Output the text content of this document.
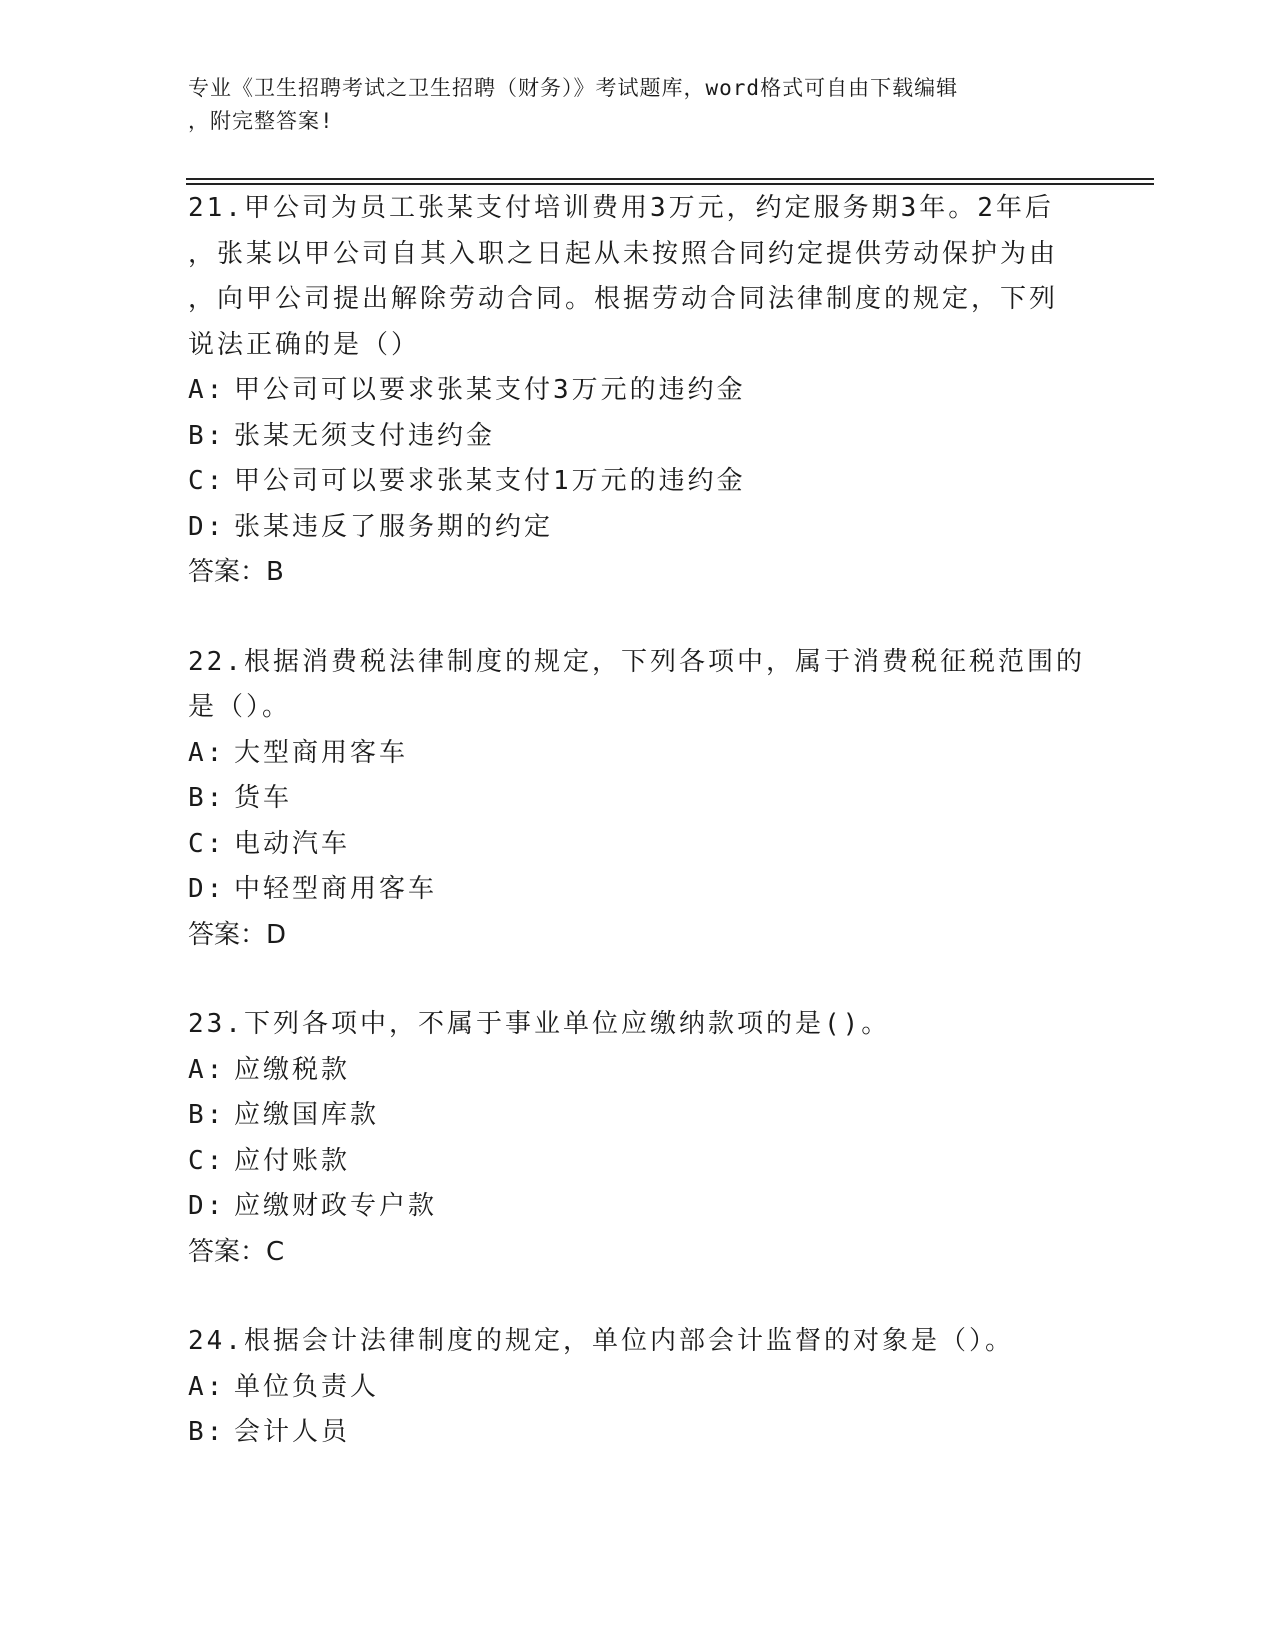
专业《卫生招聘考试之卫生招聘（财务）》考试题库，word格式可自由下载编辑

，附完整答案!

21.甲公司为员工张某支付培训费用3万元，约定服务期3年。2年后

，张某以甲公司自其入职之日起从未按照合同约定提供劳动保护为由

，向甲公司提出解除劳动合同。根据劳动合同法律制度的规定，下列

说法正确的是（）

A: 甲公司可以要求张某支付3万元的违约金

B: 张某无须支付违约金

C: 甲公司可以要求张某支付1万元的违约金

D: 张某违反了服务期的约定

答案：B

22.根据消费税法律制度的规定，下列各项中，属于消费税征税范围的

是（）。

A: 大型商用客车

B: 货车

C: 电动汽车

D: 中轻型商用客车

答案：D

23.下列各项中，不属于事业单位应缴纳款项的是()。

A: 应缴税款

B: 应缴国库款

C: 应付账款

D: 应缴财政专户款

答案：C

24.根据会计法律制度的规定，单位内部会计监督的对象是（）。

A: 单位负责人

B: 会计人员
